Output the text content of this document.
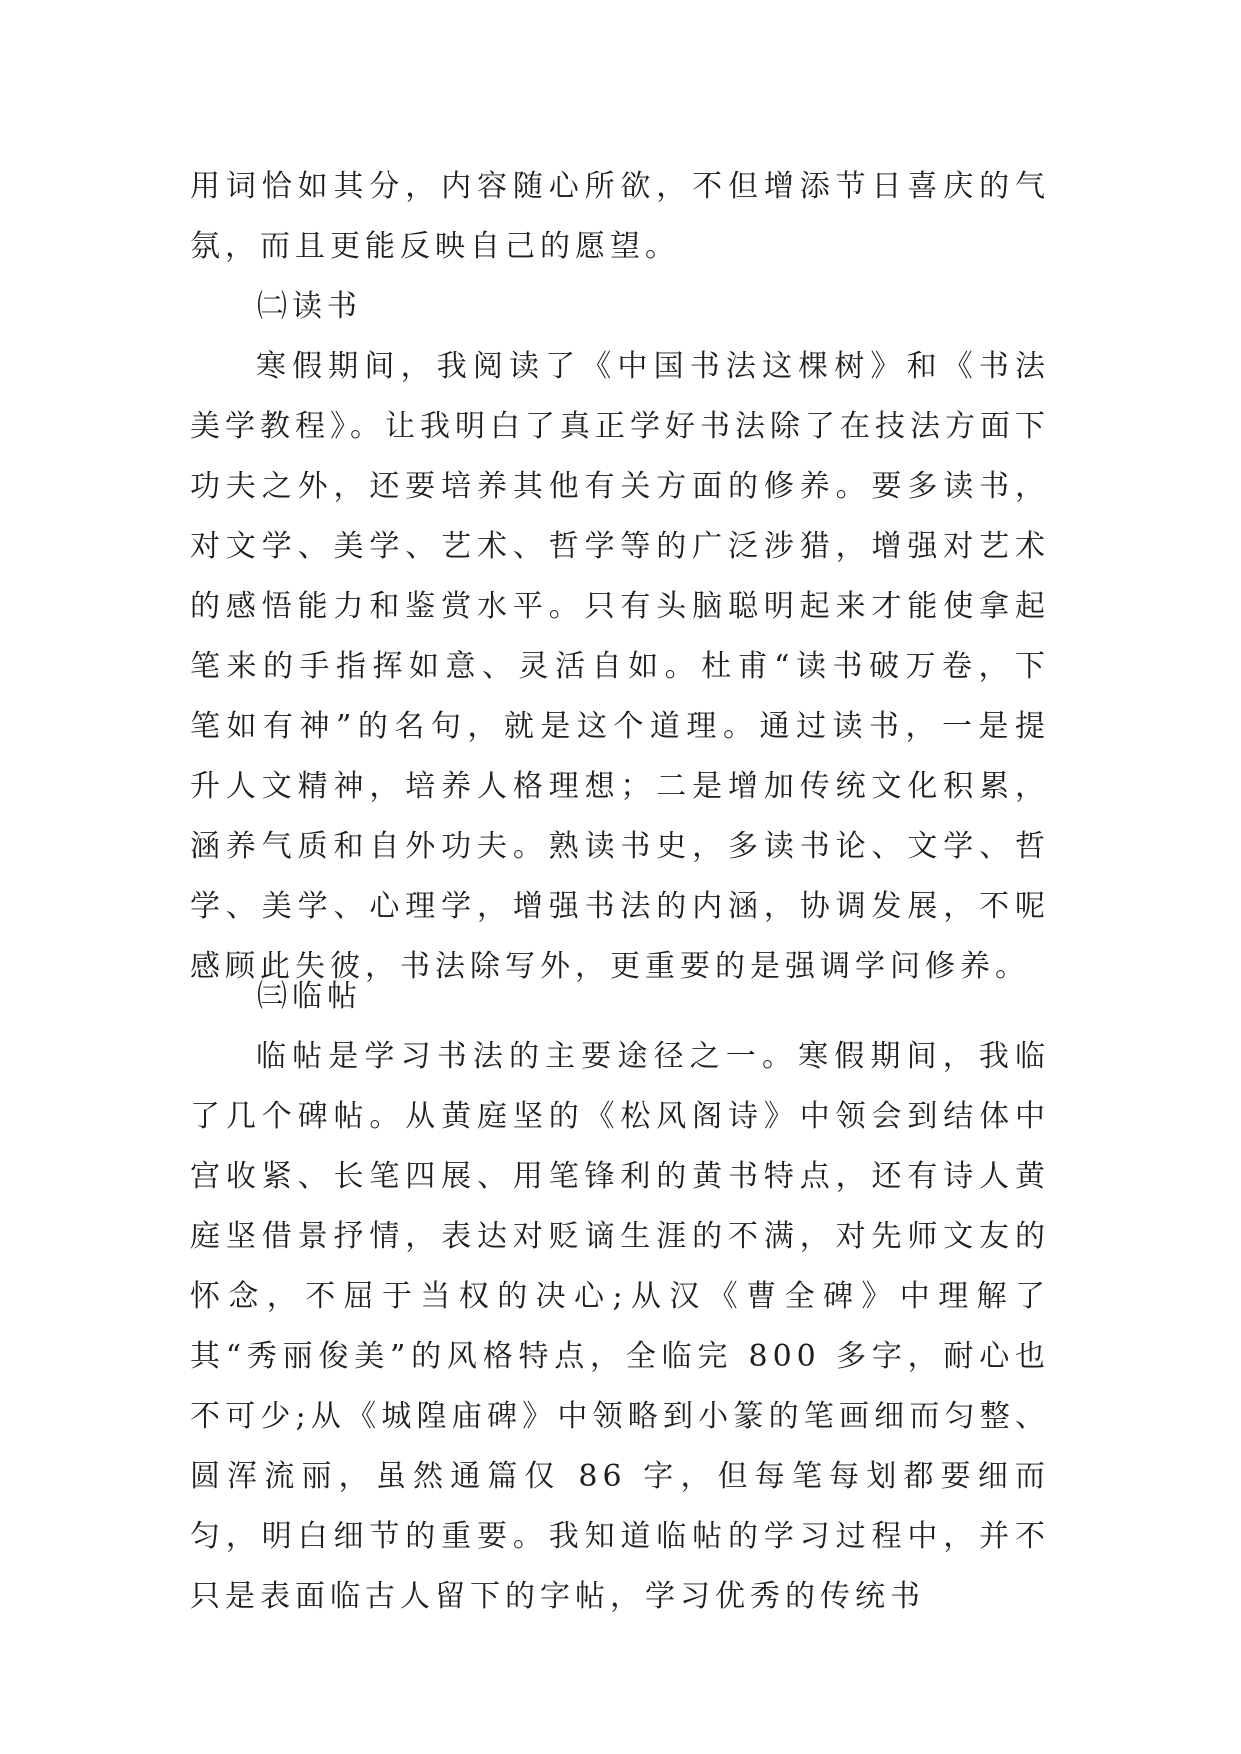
用词恰如其分，内容随心所欲，不但增添节日喜庆的气氛，而且更能反映自己的愿望。

㈡读书

寒假期间，我阅读了《中国书法这棵树》和《书法美学教程》。让我明白了真正学好书法除了在技法方面下功夫之外，还要培养其他有关方面的修养。要多读书，对文学、美学、艺术、哲学等的广泛涉猎，增强对艺术的感悟能力和鉴赏水平。只有头脑聪明起来才能使拿起笔来的手指挥如意、灵活自如。杜甫“读书破万卷，下笔如有神”的名句，就是这个道理。通过读书，一是提升人文精神，培养人格理想；二是增加传统文化积累，涵养气质和自外功夫。熟读书史，多读书论、文学、哲学、美学、心理学，增强书法的内涵，协调发展，不呢感顾此失彼，书法除写外，更重要的是强调学问修养。

㈢临帖

临帖是学习书法的主要途径之一。寒假期间，我临了几个碑帖。从黄庭坚的《松风阁诗》中领会到结体中宫收紧、长笔四展、用笔锋利的黄书特点，还有诗人黄庭坚借景抒情，表达对贬谪生涯的不满，对先师文友的怀念，不屈于当权的决心;从汉《曹全碑》中理解了其“秀丽俊美”的风格特点，全临完 800 多字，耐心也不可少;从《城隍庙碑》中领略到小篆的笔画细而匀整、圆浑流丽，虽然通篇仅 86 字，但每笔每划都要细而匀，明白细节的重要。我知道临帖的学习过程中，并不只是表面临古人留下的字帖，学习优秀的传统书
